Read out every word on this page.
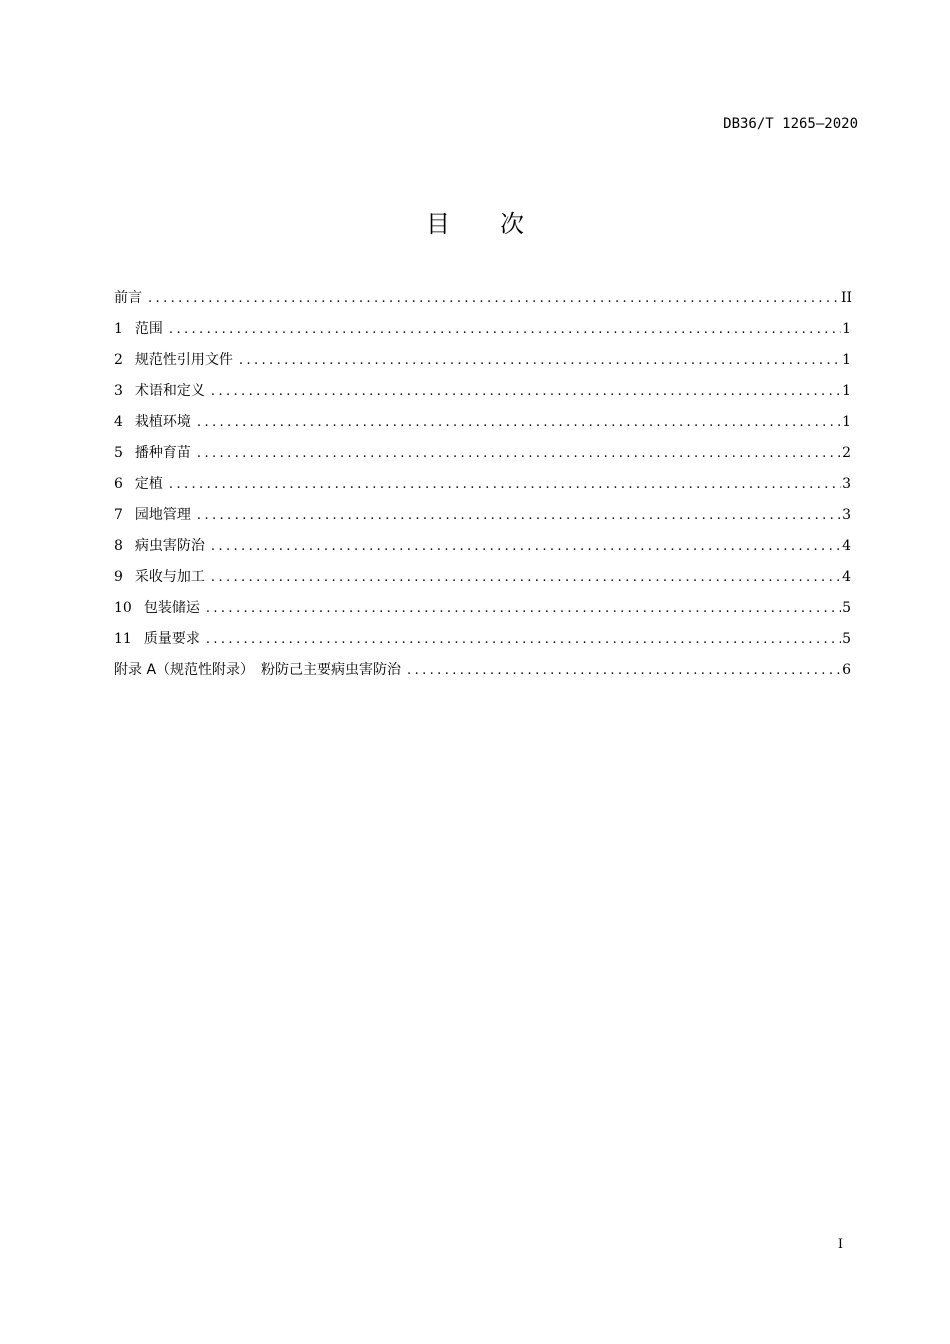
DB36/T 1265—2020
目 次
前言 .....	II
1 范围 .....	1
2 规范性引用文件 .....	1
3 术语和定义 .....	1
4 栽植环境 .....	1
5 播种育苗 .....	2
6 定植 .....	3
7 园地管理 .....	3
8 病虫害防治 .....	4
9 采收与加工 .....	4
10 包装储运 .....	5
11 质量要求 .....	5
附录 A（规范性附录）　粉防己主要病虫害防治 .....	6
I
